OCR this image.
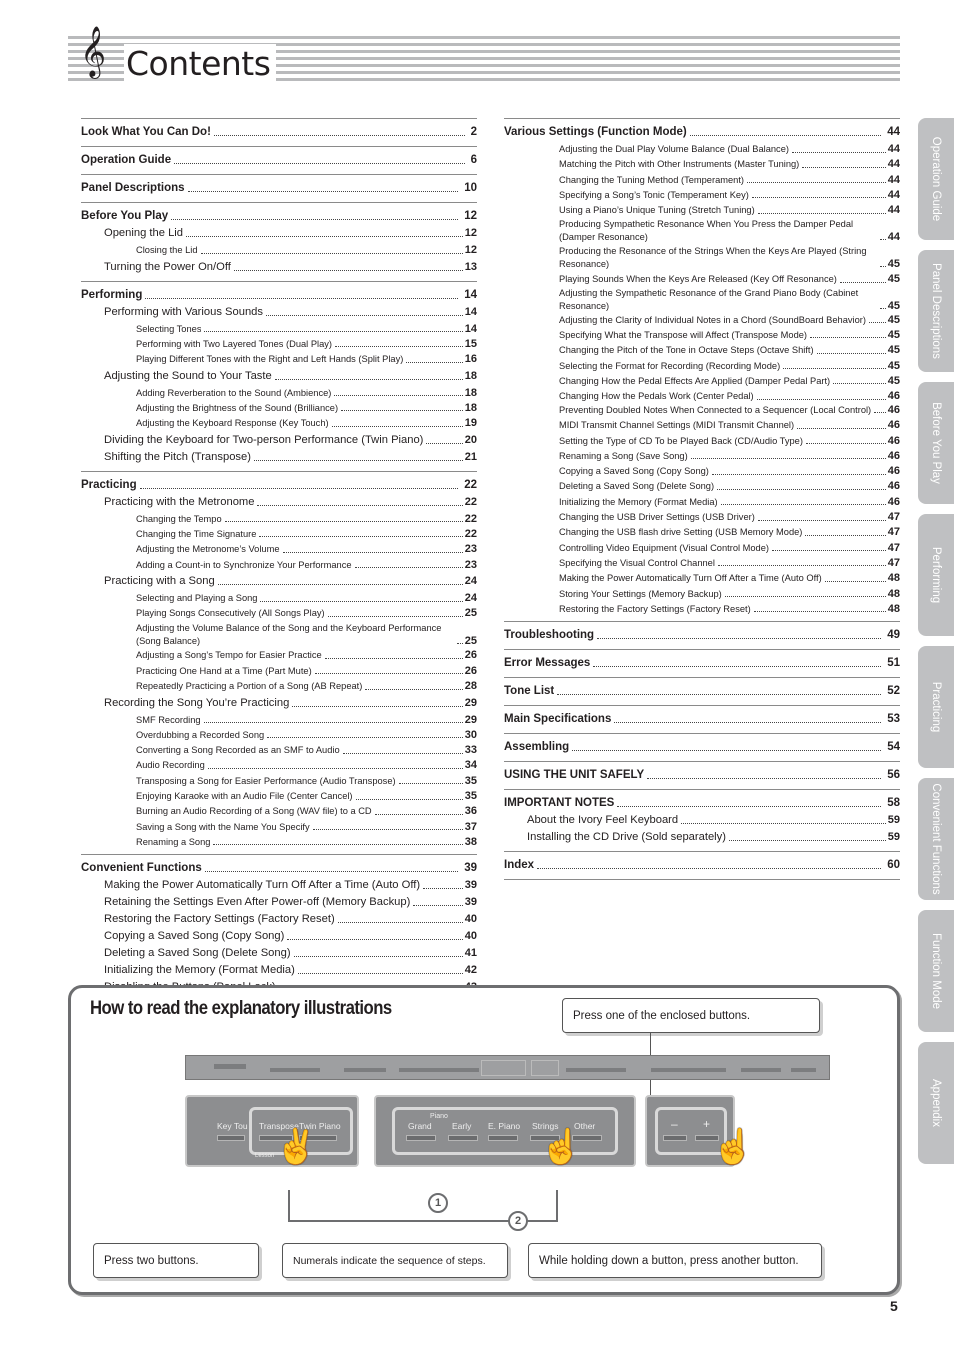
𝄞 Contents
Look What You Can Do!	2
Operation Guide	6
Panel Descriptions	10
Before You Play	12
Opening the Lid	12
Closing the Lid	12
Turning the Power On/Off	13
Performing	14
Performing with Various Sounds	14
Selecting Tones	14
Performing with Two Layered Tones (Dual Play)	15
Playing Different Tones with the Right and Left Hands (Split Play)	16
Adjusting the Sound to Your Taste	18
Adding Reverberation to the Sound (Ambience)	18
Adjusting the Brightness of the Sound (Brilliance)	18
Adjusting the Keyboard Response (Key Touch)	19
Dividing the Keyboard for Two-person Performance (Twin Piano)	20
Shifting the Pitch (Transpose)	21
Practicing	22
Practicing with the Metronome	22
Changing the Tempo	22
Changing the Time Signature	22
Adjusting the Metronome’s Volume	23
Adding a Count-in to Synchronize Your Performance	23
Practicing with a Song	24
Selecting and Playing a Song	24
Playing Songs Consecutively (All Songs Play)	25
Adjusting the Volume Balance of the Song and the Keyboard Performance (Song Balance)	25
Adjusting a Song’s Tempo for Easier Practice	26
Practicing One Hand at a Time (Part Mute)	26
Repeatedly Practicing a Portion of a Song (AB Repeat)	28
Recording the Song You’re Practicing	29
SMF Recording	29
Overdubbing a Recorded Song	30
Converting a Song Recorded as an SMF to Audio	33
Audio Recording	34
Transposing a Song for Easier Performance (Audio Transpose)	35
Enjoying Karaoke with an Audio File (Center Cancel)	35
Burning an Audio Recording of a Song (WAV file) to a CD	36
Saving a Song with the Name You Specify	37
Renaming a Song	38
Convenient Functions	39
Making the Power Automatically Turn Off After a Time (Auto Off)	39
Retaining the Settings Even After Power-off (Memory Backup)	39
Restoring the Factory Settings (Factory Reset)	40
Copying a Saved Song (Copy Song)	40
Deleting a Saved Song (Delete Song)	41
Initializing the Memory (Format Media)	42
Various Settings (Function Mode)	44
Adjusting the Dual Play Volume Balance (Dual Balance)	44
Matching the Pitch with Other Instruments (Master Tuning)	44
Changing the Tuning Method (Temperament)	44
Specifying a Song’s Tonic (Temperament Key)	44
Using a Piano’s Unique Tuning (Stretch Tuning)	44
Producing Sympathetic Resonance When You Press the Damper Pedal (Damper Resonance)	44
Producing the Resonance of the Strings When the Keys Are Played (String Resonance)	45
Playing Sounds When the Keys Are Released (Key Off Resonance)	45
Adjusting the Sympathetic Resonance of the Grand Piano Body (Cabinet Resonance)	45
Adjusting the Clarity of Individual Notes in a Chord (SoundBoard Behavior) 45
Specifying What the Transpose will Affect (Transpose Mode)	45
Changing the Pitch of the Tone in Octave Steps (Octave Shift)	45
Selecting the Format for Recording (Recording Mode)	45
Changing How the Pedal Effects Are Applied (Damper Pedal Part)	45
Changing How the Pedals Work (Center Pedal)	46
Preventing Doubled Notes When Connected to a Sequencer (Local Control) 46
MIDI Transmit Channel Settings (MIDI Transmit Channel)	46
Setting the Type of CD To be Played Back (CD/Audio Type)	46
Renaming a Song (Save Song)	46
Copying a Saved Song (Copy Song)	46
Deleting a Saved Song (Delete Song)	46
Initializing the Memory (Format Media)	46
Changing the USB Driver Settings (USB Driver)	47
Changing the USB flash drive Setting (USB Memory Mode)	47
Controlling Video Equipment (Visual Control Mode)	47
Specifying the Visual Control Channel	47
Making the Power Automatically Turn Off After a Time (Auto Off)	48
Storing Your Settings (Memory Backup)	48
Restoring the Factory Settings (Factory Reset)	48
Troubleshooting	49
Error Messages	51
Tone List	52
Main Specifications	53
Assembling	54
USING THE UNIT SAFELY	56
IMPORTANT NOTES	58
About the Ivory Feel Keyboard	59
Installing the CD Drive (Sold separately)	59
Index	60
Operation Guide
Panel Descriptions
Before You Play
Performing
Practicing
Convenient Functions
Function Mode
Appendix
How to read the explanatory illustrations	Press one of the enclosed buttons.
Key Tou Transpose Twin Piano
Lesson ✌
Piano
Grand Early E. Piano Strings Other
☝
– +
☝
1
2
Press two buttons.	Numerals indicate the sequence of steps.	While holding down a button, press another button.
5
